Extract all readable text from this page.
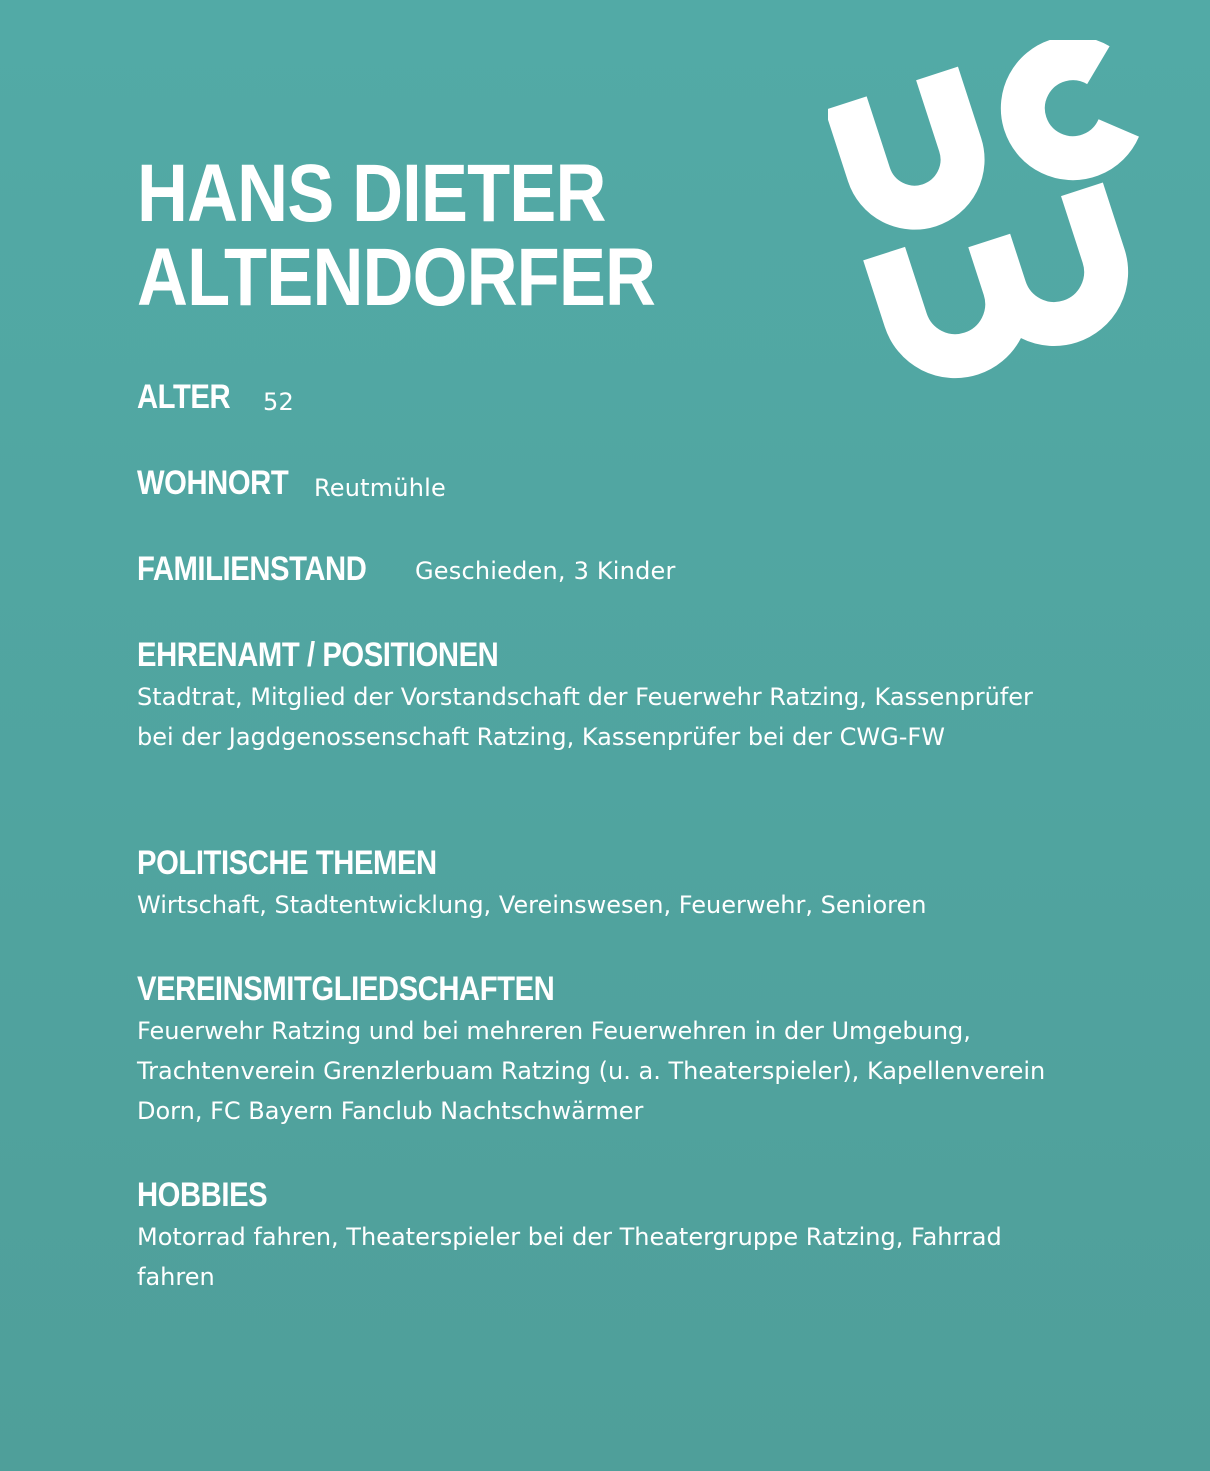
HANS DIETER
ALTENDORFER
ALTER 52
WOHNORT Reutmühle
FAMILIENSTAND Geschieden, 3 Kinder
EHRENAMT / POSITIONEN

Stadtrat, Mitglied der Vorstandschaft der Feuerwehr Ratzing, Kassenprüfer bei der Jagdgenossenschaft Ratzing, Kassenprüfer bei der CWG-FW

POLITISCHE THEMEN

Wirtschaft, Stadtentwicklung, Vereinswesen, Feuerwehr, Senioren

VEREINSMITGLIEDSCHAFTEN

Feuerwehr Ratzing und bei mehreren Feuerwehren in der Umgebung, Trachtenverein Grenzlerbuam Ratzing (u. a. Theaterspieler), Kapellenverein Dorn, FC Bayern Fanclub Nachtschwärmer

HOBBIES

Motorrad fahren, Theaterspieler bei der Theatergruppe Ratzing, Fahrrad fahren
